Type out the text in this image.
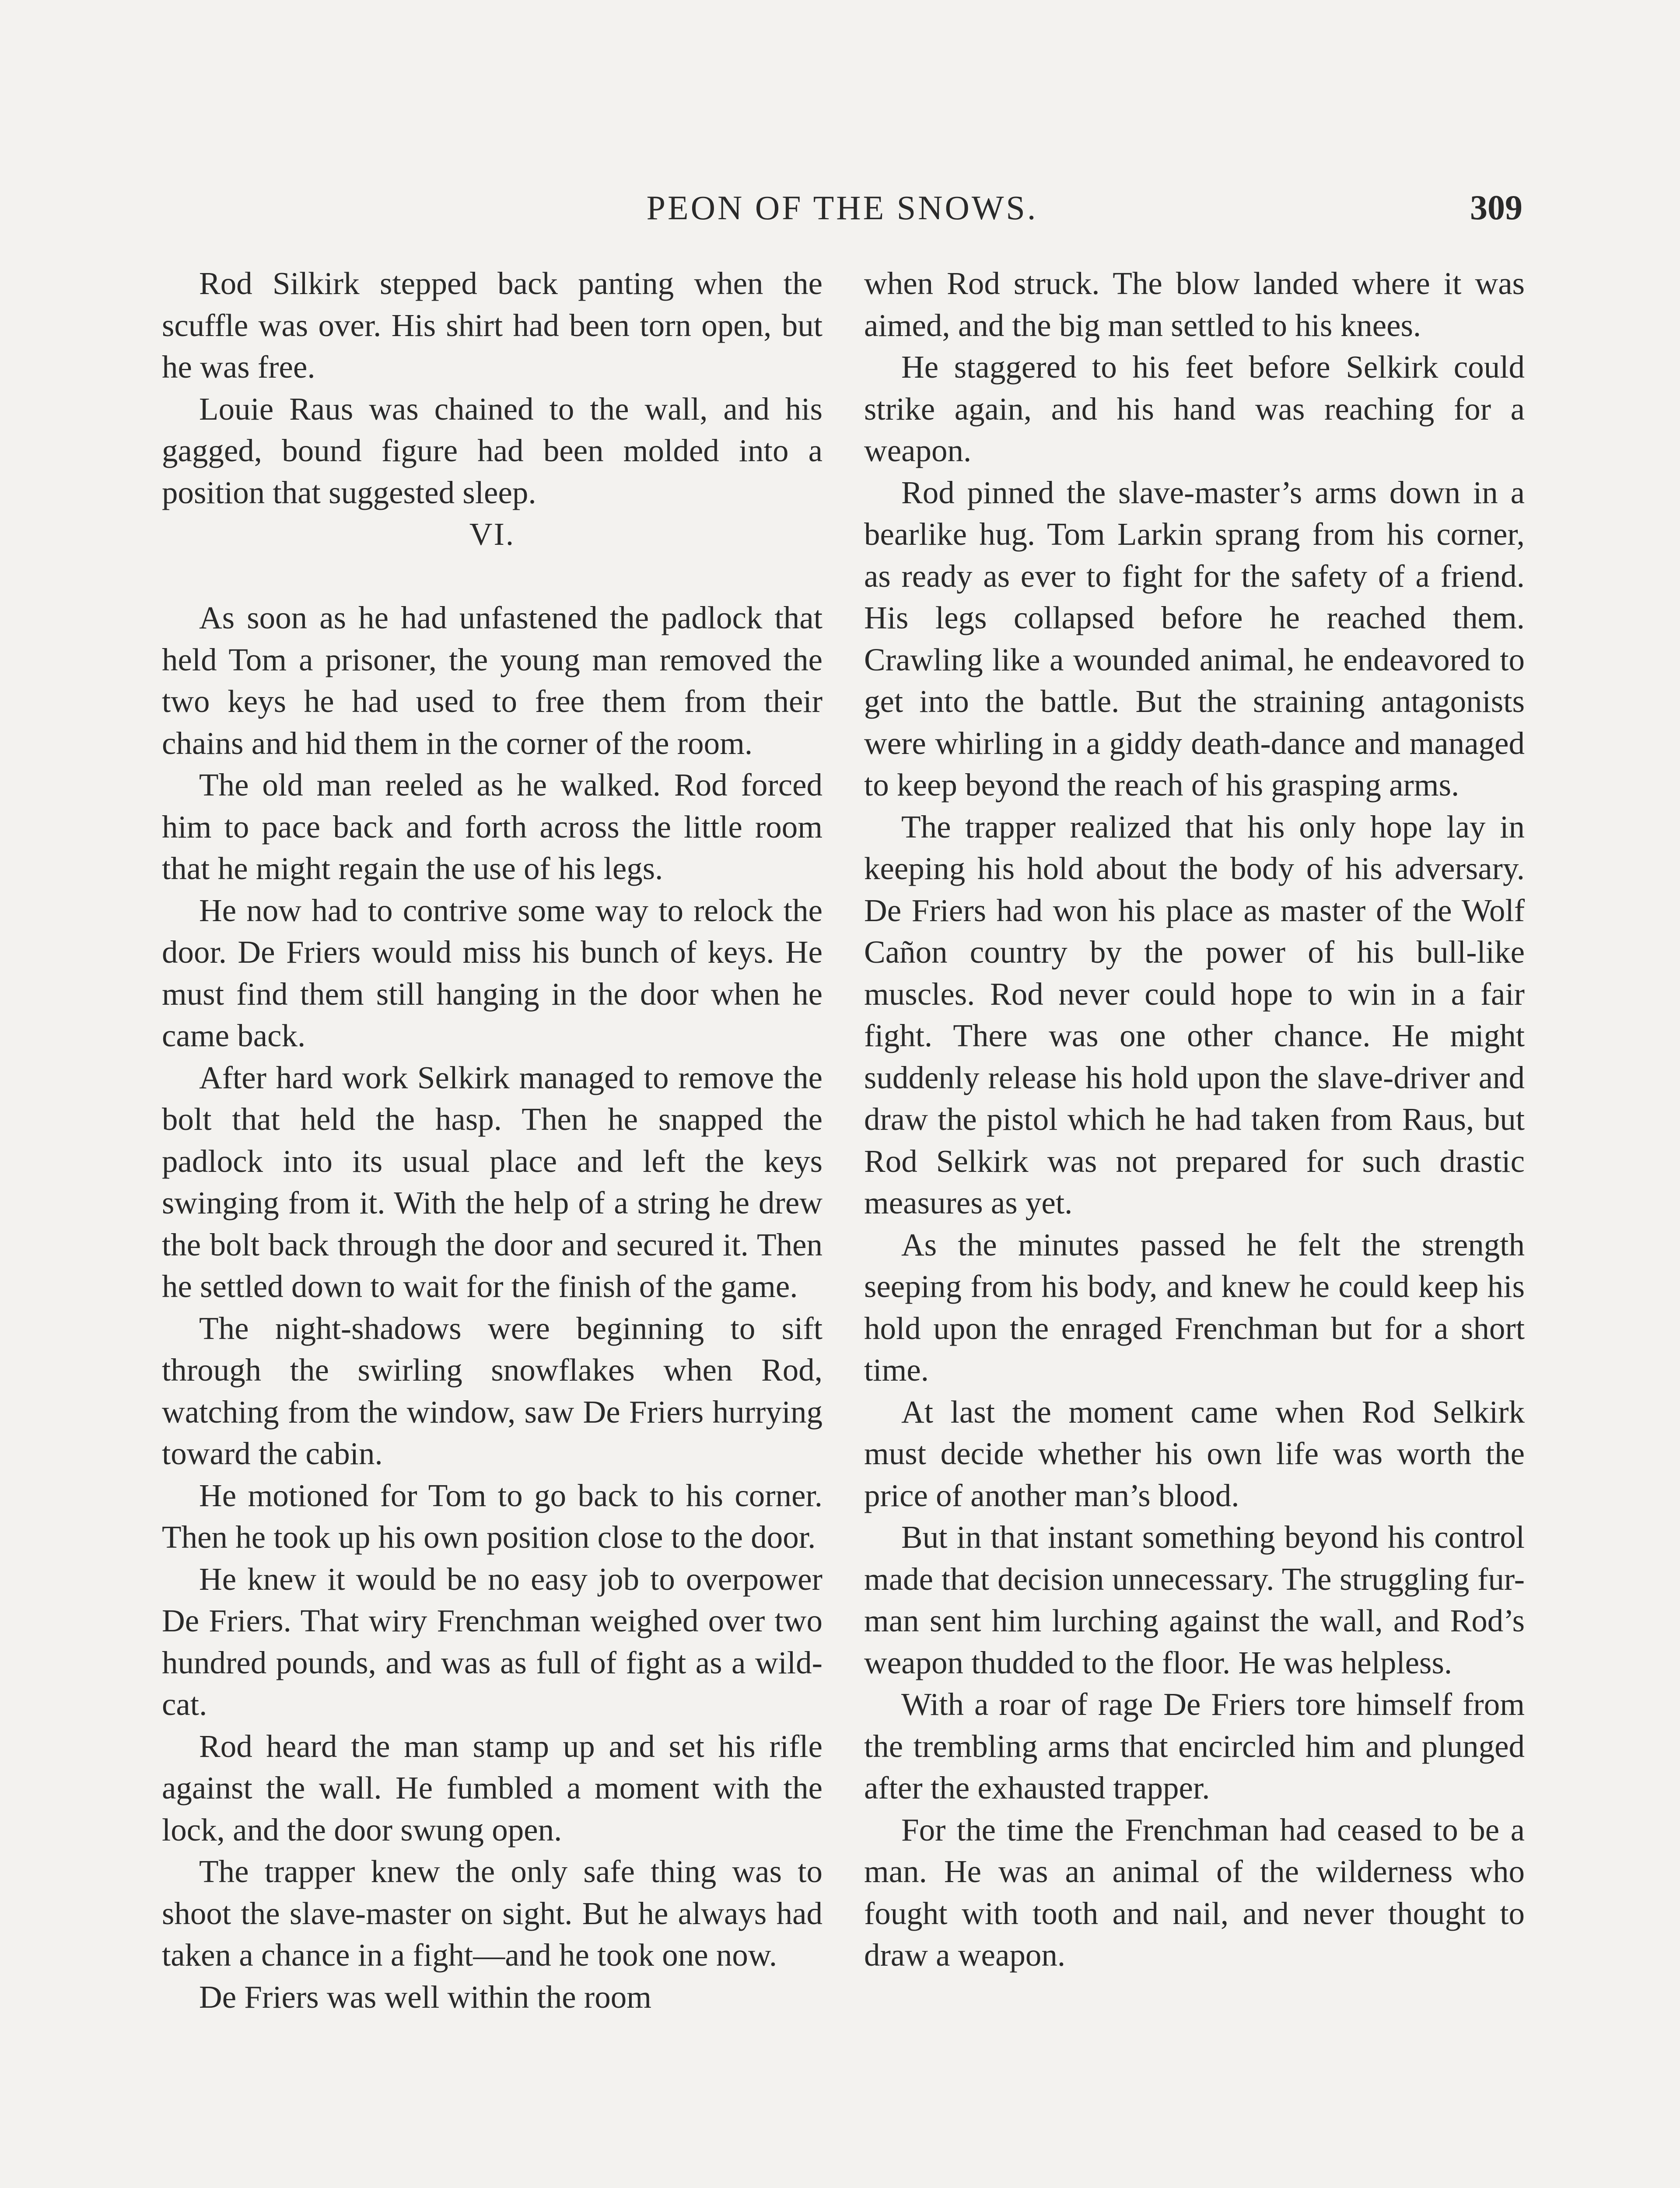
PEON OF THE SNOWS.	309

Rod Silkirk stepped back panting when the scuffle was over. His shirt had been torn open, but he was free.

Louie Raus was chained to the wall, and his gagged, bound figure had been molded into a position that suggested sleep.

VI.

As soon as he had unfastened the padlock that held Tom a prisoner, the young man removed the two keys he had used to free them from their chains and hid them in the corner of the room.

The old man reeled as he walked. Rod forced him to pace back and forth across the little room that he might regain the use of his legs.

He now had to contrive some way to relock the door. De Friers would miss his bunch of keys. He must find them still hanging in the door when he came back.

After hard work Selkirk managed to remove the bolt that held the hasp. Then he snapped the padlock into its usual place and left the keys swinging from it. With the help of a string he drew the bolt back through the door and secured it. Then he settled down to wait for the finish of the game.

The night-shadows were beginning to sift through the swirling snowflakes when Rod, watching from the window, saw De Friers hurrying toward the cabin.

He motioned for Tom to go back to his corner. Then he took up his own position close to the door.

He knew it would be no easy job to overpower De Friers. That wiry Frenchman weighed over two hundred pounds, and was as full of fight as a wild-cat.

Rod heard the man stamp up and set his rifle against the wall. He fumbled a moment with the lock, and the door swung open.

The trapper knew the only safe thing was to shoot the slave-master on sight. But he always had taken a chance in a fight—and he took one now.

De Friers was well within the room

when Rod struck. The blow landed where it was aimed, and the big man settled to his knees.

He staggered to his feet before Selkirk could strike again, and his hand was reaching for a weapon.

Rod pinned the slave-master’s arms down in a bearlike hug. Tom Larkin sprang from his corner, as ready as ever to fight for the safety of a friend. His legs collapsed before he reached them. Crawling like a wounded animal, he endeavored to get into the battle. But the straining antagonists were whirling in a giddy death-dance and managed to keep beyond the reach of his grasping arms.

The trapper realized that his only hope lay in keeping his hold about the body of his adversary. De Friers had won his place as master of the Wolf Cañon country by the power of his bull-like muscles. Rod never could hope to win in a fair fight. There was one other chance. He might suddenly release his hold upon the slave-driver and draw the pistol which he had taken from Raus, but Rod Selkirk was not prepared for such drastic measures as yet.

As the minutes passed he felt the strength seeping from his body, and knew he could keep his hold upon the enraged Frenchman but for a short time.

At last the moment came when Rod Selkirk must decide whether his own life was worth the price of another man’s blood.

But in that instant something beyond his control made that decision unnecessary. The struggling fur-man sent him lurching against the wall, and Rod’s weapon thudded to the floor. He was helpless.

With a roar of rage De Friers tore himself from the trembling arms that encircled him and plunged after the exhausted trapper.

For the time the Frenchman had ceased to be a man. He was an animal of the wilderness who fought with tooth and nail, and never thought to draw a weapon.
